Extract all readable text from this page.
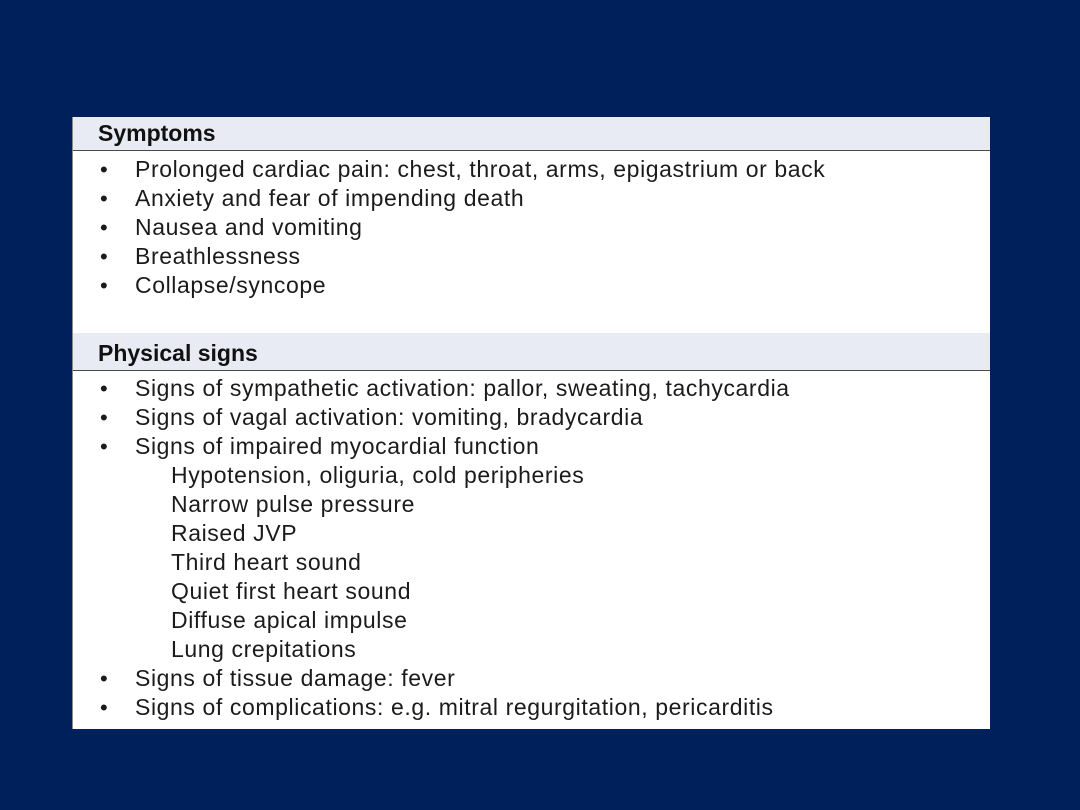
Symptoms
• Prolonged cardiac pain: chest, throat, arms, epigastrium or back
• Anxiety and fear of impending death
• Nausea and vomiting
• Breathlessness
• Collapse/syncope
Physical signs
• Signs of sympathetic activation: pallor, sweating, tachycardia
• Signs of vagal activation: vomiting, bradycardia
• Signs of impaired myocardial function
Hypotension, oliguria, cold peripheries
Narrow pulse pressure
Raised JVP
Third heart sound
Quiet first heart sound
Diffuse apical impulse
Lung crepitations
• Signs of tissue damage: fever
• Signs of complications: e.g. mitral regurgitation, pericarditis
